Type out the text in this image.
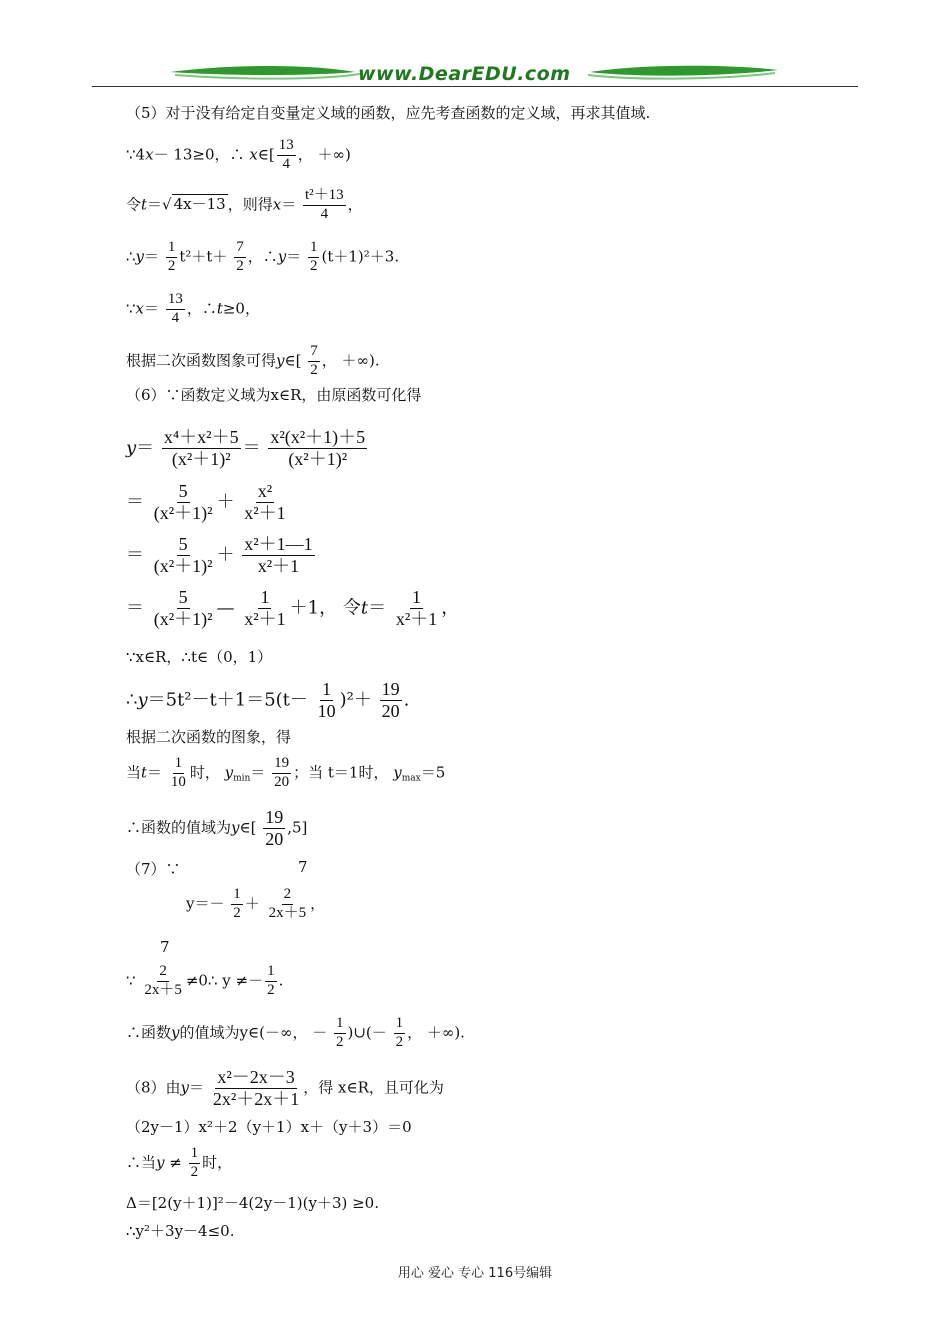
www.DearEDU.com
（5）对于没有给定自变量定义域的函数，应先考查函数的定义域，再求其值域.
∵4x－ 13≥0，∴ x∈[ $\frac{13}{4}$ ， ＋∞)
令t＝√ 4x－13 ，则得$x= \frac{\text{t²＋13}}{4}$ ，
∴y＝ $\frac{1}{2} t^2+t+ \frac{7}{2}$ ，∴y＝ $\frac{1}{2} (t+1)^2+3$.
∵x＝ $\frac{13}{4}$ ，∴t≥0，
根据二次函数图象可得y∈[ $\frac{7}{2}$ ， ＋∞).
（6）∵函数定义域为x∈R，由原函数可化得
$y= \frac{\text{x⁴＋x²＋5}}{\text{(x²＋1)²}} = \frac{\text{x²(x²＋1)＋5}}{\text{(x²＋1)²}}$
＝ $\frac{5}{\text{(x²＋1)²}} + \frac{\text{x²}}{\text{x²＋1}}$
＝ $\frac{5}{\text{(x²＋1)²}} + \frac{\text{x²＋1—1}}{\text{x²＋1}}$
＝ $\frac{5}{\text{(x²＋1)²}}$ — $\frac{1}{\text{x²＋1}} +1$， 令$t= \frac{1}{\text{x²＋1}}$ ，
∵x∈R，∴t∈（0，1）
∴y＝5t²－t＋1＝5(t－ $\frac{1}{10} )^2+ \frac{19}{20}$ .
根据二次函数的图象，得
当$t= \frac{1}{10}$ 时， $y_{min}= \frac{19}{20}$ ；当 t＝1时， $y_{max}=5$
∴函数的值域为y∈[ $\frac{19}{20} ,5$]
（7）∵	7
$y=- \frac{1}{2} + \frac{2}{2x+5}$ ，
7
∵ $\frac{2}{2x+5}$ ≠0∴ $y \ne- \frac{1}{2}$ .
∴函数y的值域为y∈(－∞， － $\frac{1}{2}$ )∪(－ $\frac{1}{2}$ ， ＋∞).
（8）由$y= \frac{\text{x²－2x－3}}{\text{2x²＋2x＋1}}$ ，得 x∈R，且可化为
（2y－1）x²＋2（y＋1）x＋（y＋3）＝0
∴当$y \ne \frac{1}{2}$ 时，
Δ＝[2(y＋1)]²－4(2y－1)(y＋3) ≥0.
∴y²＋3y－4≤0.
用心 爱心 专心 116号编辑
